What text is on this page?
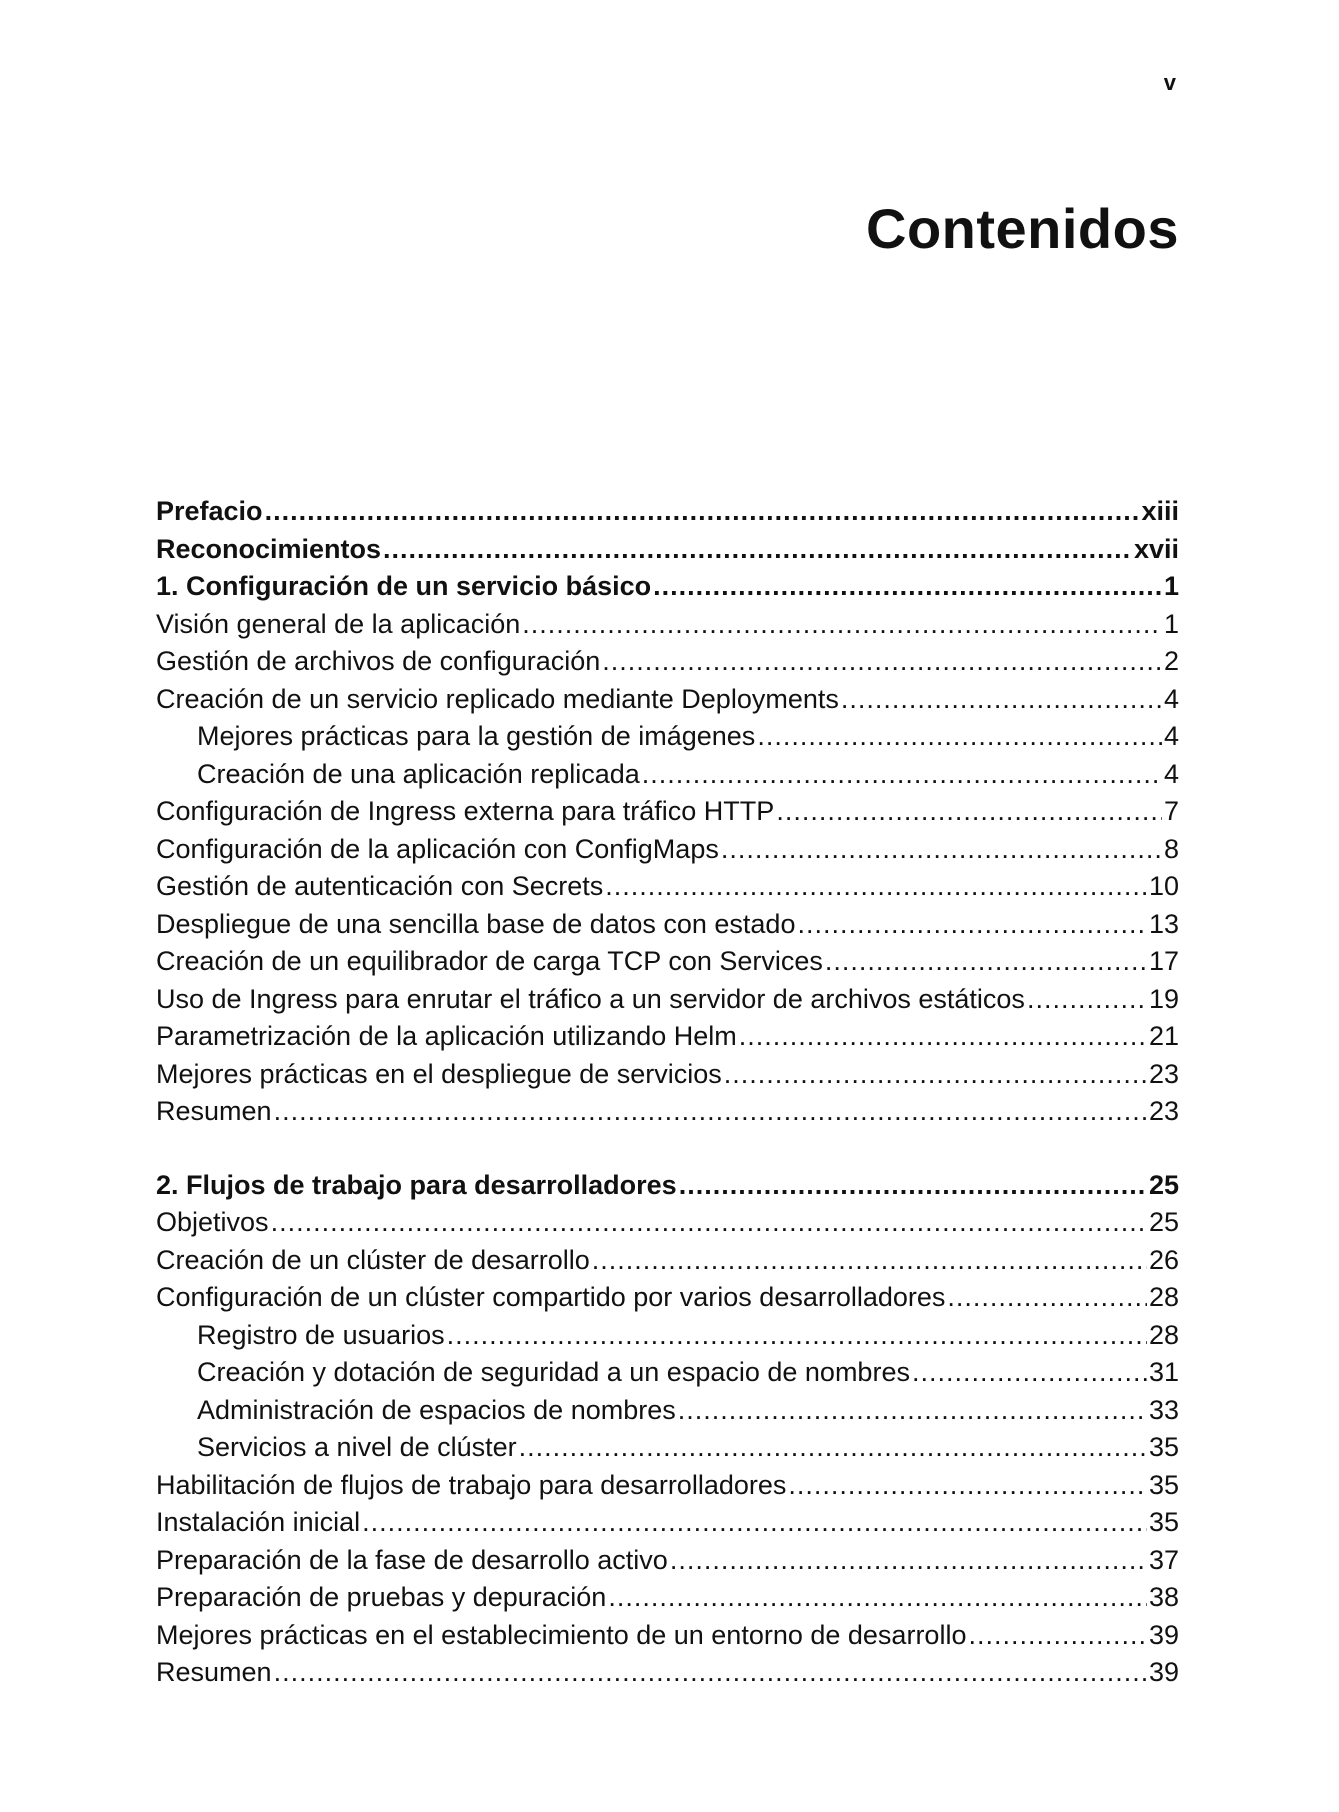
v
Contenidos
Prefacio .....	xiii
Reconocimientos .....	xvii
1. Configuración de un servicio básico .....	1
Visión general de la aplicación .....	1
Gestión de archivos de configuración .....	2
Creación de un servicio replicado mediante Deployments .....	4
Mejores prácticas para la gestión de imágenes .....	4
Creación de una aplicación replicada .....	4
Configuración de Ingress externa para tráfico HTTP .....	7
Configuración de la aplicación con ConfigMaps .....	8
Gestión de autenticación con Secrets .....	10
Despliegue de una sencilla base de datos con estado .....	13
Creación de un equilibrador de carga TCP con Services .....	17
Uso de Ingress para enrutar el tráfico a un servidor de archivos estáticos .....	19
Parametrización de la aplicación utilizando Helm .....	21
Mejores prácticas en el despliegue de servicios .....	23
Resumen .....	23
2. Flujos de trabajo para desarrolladores .....	25
Objetivos .....	25
Creación de un clúster de desarrollo .....	26
Configuración de un clúster compartido por varios desarrolladores .....	28
Registro de usuarios .....	28
Creación y dotación de seguridad a un espacio de nombres .....	31
Administración de espacios de nombres .....	33
Servicios a nivel de clúster .....	35
Habilitación de flujos de trabajo para desarrolladores .....	35
Instalación inicial .....	35
Preparación de la fase de desarrollo activo .....	37
Preparación de pruebas y depuración .....	38
Mejores prácticas en el establecimiento de un entorno de desarrollo .....	39
Resumen .....	39
